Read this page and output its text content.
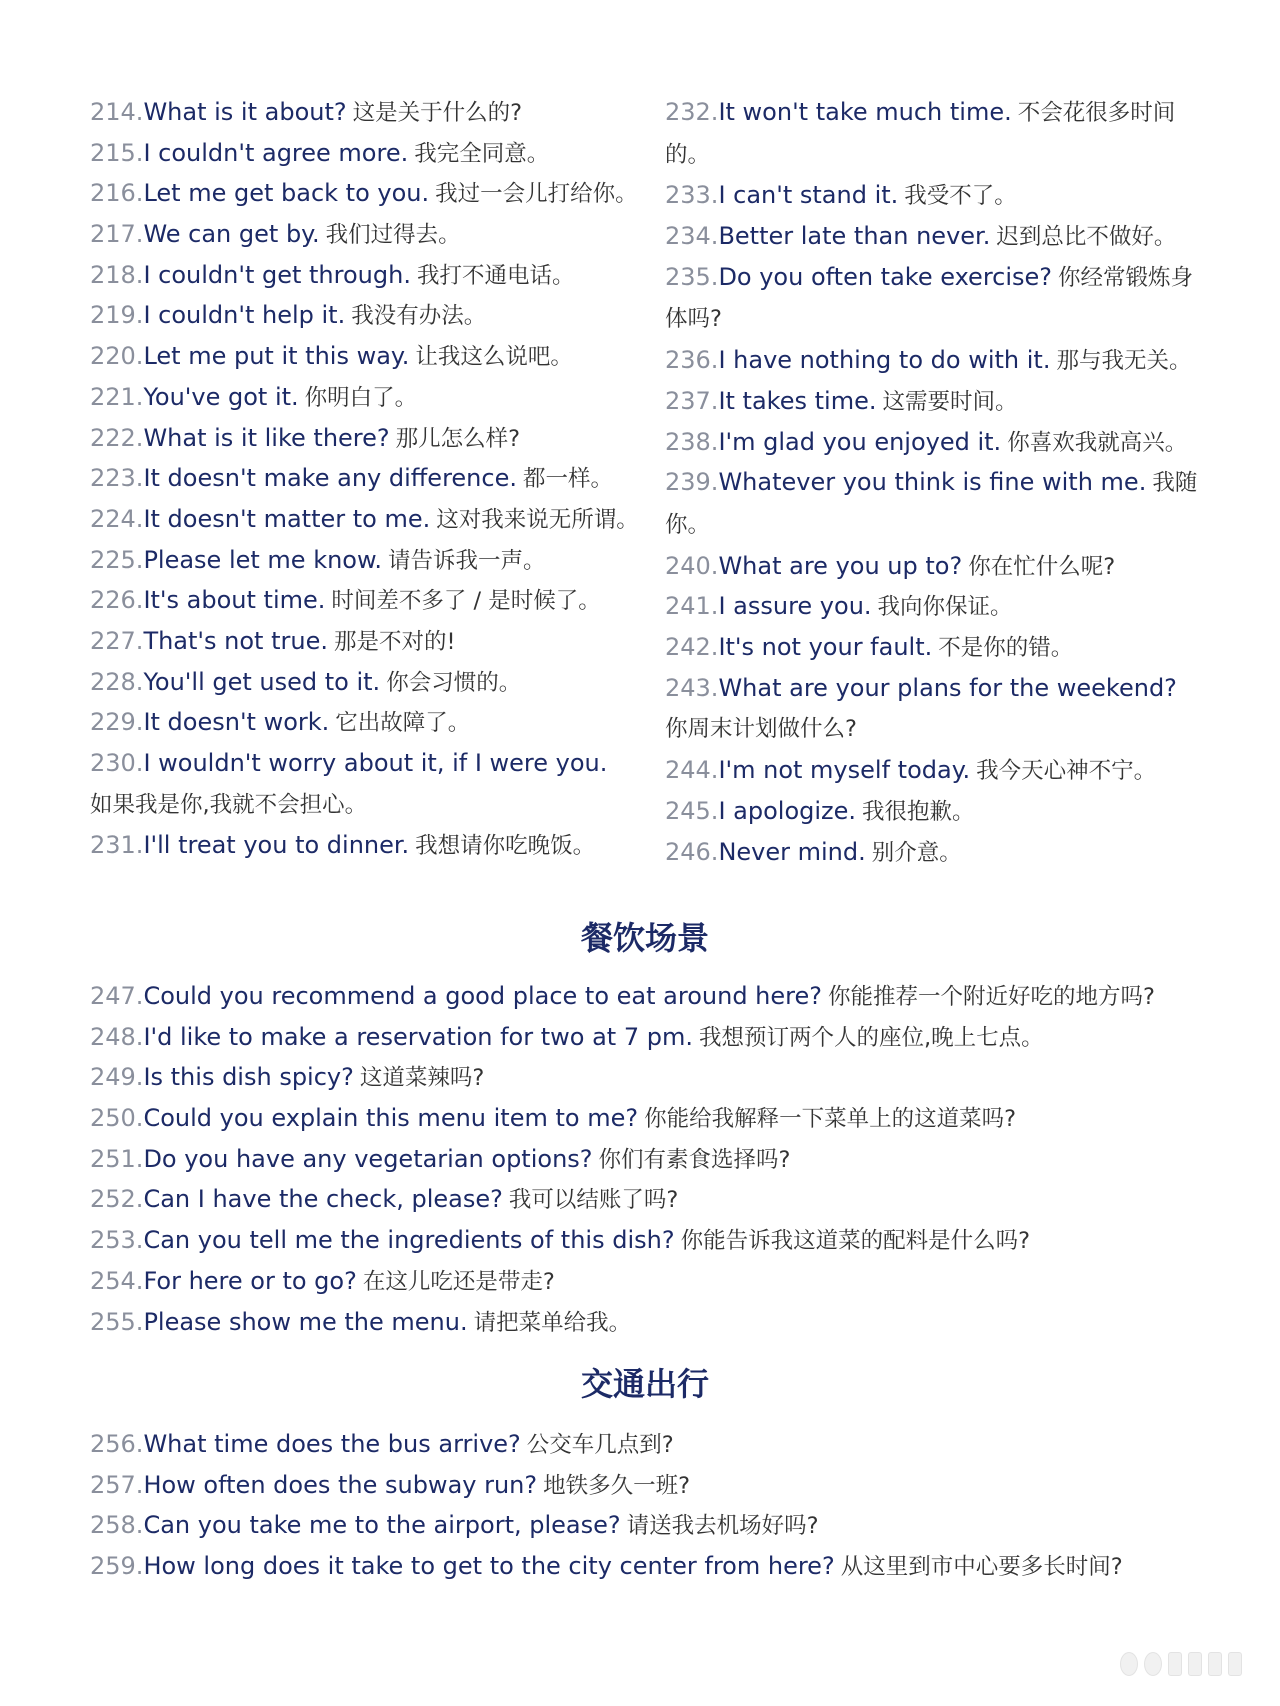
214.What is it about? 这是关于什么的?
215.I couldn't agree more. 我完全同意。
216.Let me get back to you. 我过一会儿打给你。
217.We can get by. 我们过得去。
218.I couldn't get through. 我打不通电话。
219.I couldn't help it. 我没有办法。
220.Let me put it this way. 让我这么说吧。
221.You've got it. 你明白了。
222.What is it like there? 那儿怎么样?
223.It doesn't make any difference. 都一样。
224.It doesn't matter to me. 这对我来说无所谓。
225.Please let me know. 请告诉我一声。
226.It's about time. 时间差不多了 / 是时候了。
227.That's not true. 那是不对的!
228.You'll get used to it. 你会习惯的。
229.It doesn't work. 它出故障了。
230.I wouldn't worry about it, if I were you.
如果我是你,我就不会担心。
231.I'll treat you to dinner. 我想请你吃晚饭。
232.It won't take much time. 不会花很多时间的。
233.I can't stand it. 我受不了。
234.Better late than never. 迟到总比不做好。
235.Do you often take exercise? 你经常锻炼身体吗?
236.I have nothing to do with it. 那与我无关。
237.It takes time. 这需要时间。
238.I'm glad you enjoyed it. 你喜欢我就高兴。
239.Whatever you think is fine with me. 我随你。
240.What are you up to? 你在忙什么呢?
241.I assure you. 我向你保证。
242.It's not your fault. 不是你的错。
243.What are your plans for the weekend?
你周末计划做什么?
244.I'm not myself today. 我今天心神不宁。
245.I apologize. 我很抱歉。
246.Never mind. 别介意。
餐饮场景
247.Could you recommend a good place to eat around here? 你能推荐一个附近好吃的地方吗?
248.I'd like to make a reservation for two at 7 pm. 我想预订两个人的座位,晚上七点。
249.Is this dish spicy? 这道菜辣吗?
250.Could you explain this menu item to me? 你能给我解释一下菜单上的这道菜吗?
251.Do you have any vegetarian options? 你们有素食选择吗?
252.Can I have the check, please? 我可以结账了吗?
253.Can you tell me the ingredients of this dish? 你能告诉我这道菜的配料是什么吗?
254.For here or to go? 在这儿吃还是带走?
255.Please show me the menu. 请把菜单给我。
交通出行
256.What time does the bus arrive? 公交车几点到?
257.How often does the subway run? 地铁多久一班?
258.Can you take me to the airport, please? 请送我去机场好吗?
259.How long does it take to get to the city center from here? 从这里到市中心要多长时间?
